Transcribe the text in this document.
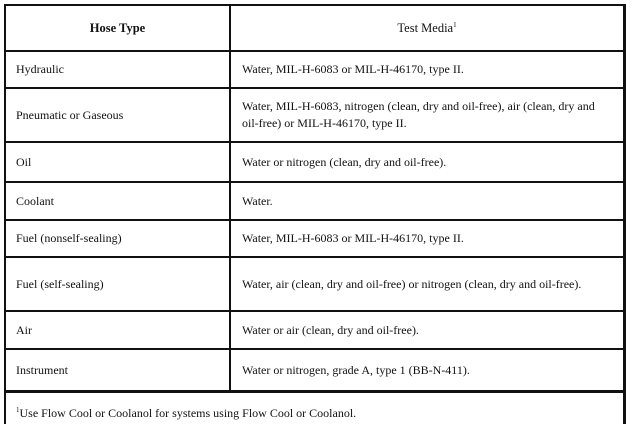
Hose Type	Test Media$^1$
Hydraulic	Water, MIL-H-6083 or MIL-H-46170, type II.
Pneumatic or Gaseous	Water, MIL-H-6083, nitrogen (clean, dry and oil-free), air (clean, dry and oil-free) or MIL-H-46170, type II.
Oil	Water or nitrogen (clean, dry and oil-free).
Coolant	Water.
Fuel (nonself-sealing)	Water, MIL-H-6083 or MIL-H-46170, type II.
Fuel (self-sealing)	Water, air (clean, dry and oil-free) or nitrogen (clean, dry and oil-free).
Air	Water or air (clean, dry and oil-free).
Instrument	Water or nitrogen, grade A, type 1 (BB-N-411).
$^1$Use Flow Cool or Coolanol for systems using Flow Cool or Coolanol.
